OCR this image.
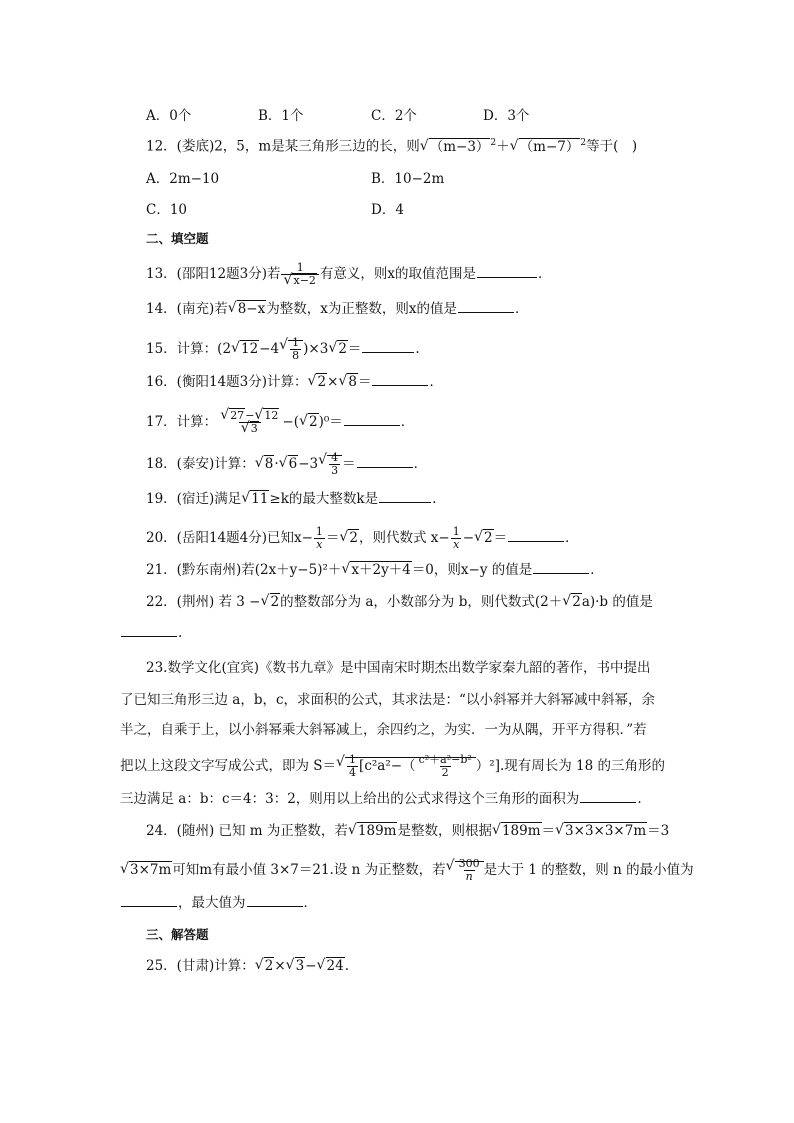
A．0个	B．1个	C．2个	D．3个
12．(娄底)2，5，m是某三角形三边的长，则√ $(m-3)^2+√$ $(m-7)^2$等于(　)
A．2m−10	B．10−2m
C．10	D．4
二、填空题
13．(邵阳12题3分)若 1
√ x−2 有意义，则x的取值范围是	．
14．(南充)若√ 8−x为整数，x为正整数，则x的值是	．
15．计算：(2√ 12−4
√ $\frac{1}{8} )\times 3√$ 2＝	.
16．(衡阳14题3分)计算：√ 2×√ 8＝	．
17．计算：
√ 27−√ 12
√ 3 −(√ 2)⁰＝	．
18．(泰安)计算：√ 8·√ 6−3
√ $\frac{4}{3}$ ＝	．
19．(宿迁)满足√ 11≥k的最大整数k是	.
20．(岳阳14题4分)已知$x- \frac{1}{x}$ ＝√ 2，则代数式 $x- \frac{1}{x}$ −√ 2＝	．
21．(黔东南州)若(2x＋y−5)²＋√ x＋2y＋4＝0，则x−y 的值是	．
22．(荆州) 若 3 −√ 2的整数部分为 a，小数部分为 b，则代数式(2＋√ 2a)·b 的值是
.
23.数学文化(宜宾)《数书九章》是中国南宋时期杰出数学家秦九韶的著作，书中提出
了已知三角形三边 a，b，c，求面积的公式，其求法是：“以小斜幂并大斜幂减中斜幂，余
半之，自乘于上，以小斜幂乘大斜幂减上，余四约之，为实．一为从隅，开平方得积．”若
把以上这段文字写成公式，即为 S＝
√ $\frac{1}{4} [c^2a^2-( \frac{\text{c²＋a²−b²}}{2} )^2]$.现有周长为 18 的三角形的
三边满足 a：b：c＝4：3：2，则用以上给出的公式求得这个三角形的面积为	.
24．(随州) 已知 m 为正整数，若√ 189m是整数，则根据√ 189m＝√ 3×3×3×7m＝3
√ 3×7m可知m有最小值 3×7＝21.设 n 为正整数，若
√ $\frac{300}{n}$ 是大于 1 的整数，则 n 的最小值为
，最大值为	．
三、解答题
25．(甘肃)计算：√ 2×√ 3−√ 24.
